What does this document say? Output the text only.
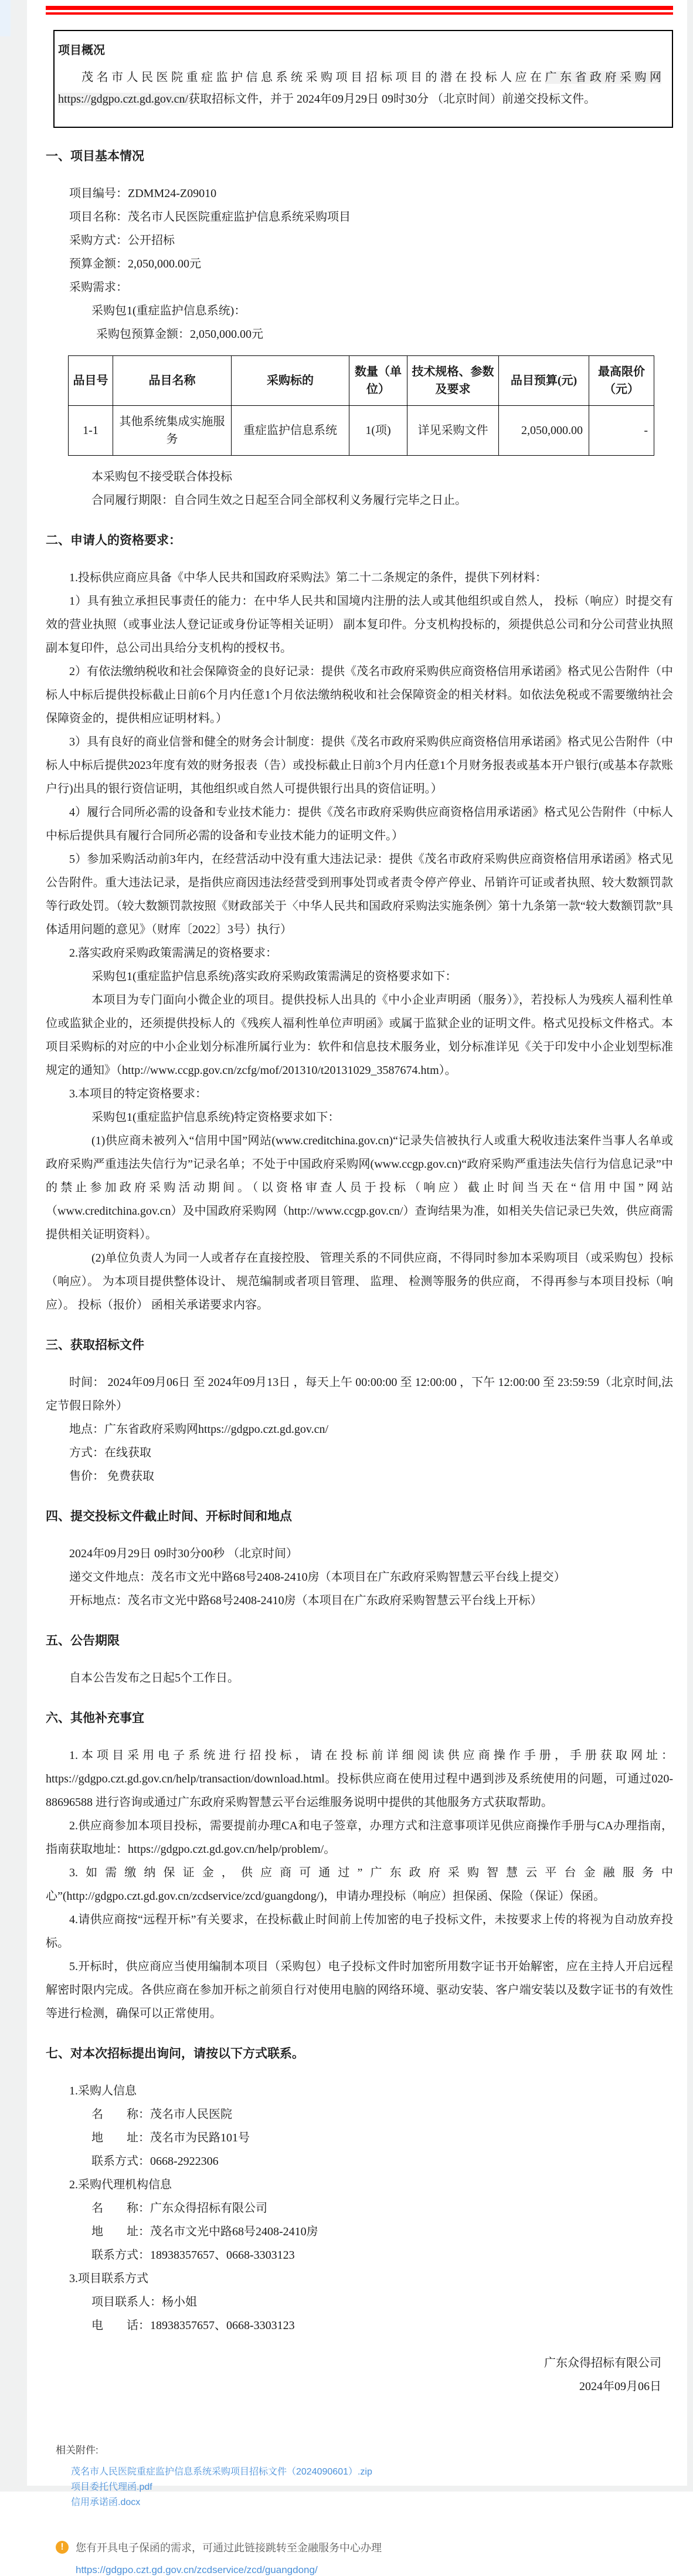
项目概况

茂名市人民医院重症监护信息系统采购项目招标项目的潜在投标人应在广东省政府采购网https://gdgpo.czt.gd.gov.cn/获取招标文件，并于 2024年09月29日 09时30分 （北京时间）前递交投标文件。

一、项目基本情况

项目编号：ZDMM24-Z09010

项目名称：茂名市人民医院重症监护信息系统采购项目

采购方式：公开招标

预算金额：2,050,000.00元

采购需求：

采购包1(重症监护信息系统)：

采购包预算金额：2,050,000.00元

品目号	品目名称	采购标的	数量（单位）	技术规格、参数及要求	品目预算(元)	最高限价（元）
1-1	其他系统集成实施服务	重症监护信息系统	1(项)	详见采购文件	2,050,000.00	-

本采购包不接受联合体投标

合同履行期限：自合同生效之日起至合同全部权利义务履行完毕之日止。

二、申请人的资格要求：

1.投标供应商应具备《中华人民共和国政府采购法》第二十二条规定的条件，提供下列材料：

1）具有独立承担民事责任的能力：在中华人民共和国境内注册的法人或其他组织或自然人， 投标（响应）时提交有效的营业执照（或事业法人登记证或身份证等相关证明） 副本复印件。分支机构投标的，须提供总公司和分公司营业执照副本复印件，总公司出具给分支机构的授权书。

2）有依法缴纳税收和社会保障资金的良好记录：提供《茂名市政府采购供应商资格信用承诺函》格式见公告附件（中标人中标后提供投标截止日前6个月内任意1个月依法缴纳税收和社会保障资金的相关材料。如依法免税或不需要缴纳社会保障资金的，提供相应证明材料。）

3）具有良好的商业信誉和健全的财务会计制度：提供《茂名市政府采购供应商资格信用承诺函》格式见公告附件（中标人中标后提供2023年度有效的财务报表（告）或投标截止日前3个月内任意1个月财务报表或基本开户银行(或基本存款账户行)出具的银行资信证明，其他组织或自然人可提供银行出具的资信证明。）

4）履行合同所必需的设备和专业技术能力：提供《茂名市政府采购供应商资格信用承诺函》格式见公告附件（中标人中标后提供具有履行合同所必需的设备和专业技术能力的证明文件。）

5）参加采购活动前3年内，在经营活动中没有重大违法记录：提供《茂名市政府采购供应商资格信用承诺函》格式见公告附件。重大违法记录，是指供应商因违法经营受到刑事处罚或者责令停产停业、吊销许可证或者执照、较大数额罚款等行政处罚。（较大数额罚款按照《财政部关于〈中华人民共和国政府采购法实施条例〉第十九条第一款“较大数额罚款”具体适用问题的意见》（财库〔2022〕3号）执行）

2.落实政府采购政策需满足的资格要求：

采购包1(重症监护信息系统)落实政府采购政策需满足的资格要求如下：

本项目为专门面向小微企业的项目。提供投标人出具的《中小企业声明函（服务）》，若投标人为残疾人福利性单位或监狱企业的，还须提供投标人的《残疾人福利性单位声明函》或属于监狱企业的证明文件。格式见投标文件格式。本项目采购标的对应的中小企业划分标准所属行业为：软件和信息技术服务业，划分标准详见《关于印发中小企业划型标准规定的通知》（http://www.ccgp.gov.cn/zcfg/mof/201310/t20131029_3587674.htm）。

3.本项目的特定资格要求：

采购包1(重症监护信息系统)特定资格要求如下：

(1)供应商未被列入“信用中国”网站(www.creditchina.gov.cn)“记录失信被执行人或重大税收违法案件当事人名单或政府采购严重违法失信行为”记录名单；不处于中国政府采购网(www.ccgp.gov.cn)“政府采购严重违法失信行为信息记录”中的禁止参加政府采购活动期间。（以资格审查人员于投标（响应）截止时间当天在“信用中国”网站（www.creditchina.gov.cn）及中国政府采购网（http://www.ccgp.gov.cn/）查询结果为准，如相关失信记录已失效，供应商需提供相关证明资料）。

(2)单位负责人为同一人或者存在直接控股、 管理关系的不同供应商，不得同时参加本采购项目（或采购包）投标（响应）。 为本项目提供整体设计、 规范编制或者项目管理、 监理、 检测等服务的供应商， 不得再参与本项目投标（响应）。 投标（报价） 函相关承诺要求内容。

三、获取招标文件

时间： 2024年09月06日 至 2024年09月13日 ，每天上午 00:00:00 至 12:00:00 ，下午 12:00:00 至 23:59:59（北京时间,法定节假日除外）

地点：广东省政府采购网https://gdgpo.czt.gd.gov.cn/

方式：在线获取

售价： 免费获取

四、提交投标文件截止时间、开标时间和地点

2024年09月29日 09时30分00秒 （北京时间）

递交文件地点：茂名市文光中路68号2408-2410房（本项目在广东政府采购智慧云平台线上提交）

开标地点：茂名市文光中路68号2408-2410房（本项目在广东政府采购智慧云平台线上开标）

五、公告期限

自本公告发布之日起5个工作日。

六、其他补充事宜

1.本项目采用电子系统进行招投标，请在投标前详细阅读供应商操作手册，手册获取网址：https://gdgpo.czt.gd.gov.cn/help/transaction/download.html。投标供应商在使用过程中遇到涉及系统使用的问题，可通过020-88696588 进行咨询或通过广东政府采购智慧云平台运维服务说明中提供的其他服务方式获取帮助。

2.供应商参加本项目投标，需要提前办理CA和电子签章，办理方式和注意事项详见供应商操作手册与CA办理指南，指南获取地址：https://gdgpo.czt.gd.gov.cn/help/problem/。

3.如需缴纳保证金，供应商可通过”广东政府采购智慧云平台金融服务中心”(http://gdgpo.czt.gd.gov.cn/zcdservice/zcd/guangdong/)，申请办理投标（响应）担保函、保险（保证）保函。

4.请供应商按“远程开标”有关要求，在投标截止时间前上传加密的电子投标文件，未按要求上传的将视为自动放弃投标。

5.开标时，供应商应当使用编制本项目（采购包）电子投标文件时加密所用数字证书开始解密，应在主持人开启远程解密时限内完成。各供应商在参加开标之前须自行对使用电脑的网络环境、驱动安装、客户端安装以及数字证书的有效性等进行检测，确保可以正常使用。

七、对本次招标提出询问，请按以下方式联系。

1.采购人信息

名　　称：茂名市人民医院

地　　址：茂名市为民路101号

联系方式：0668-2922306

2.采购代理机构信息

名　　称：广东众得招标有限公司

地　　址：茂名市文光中路68号2408-2410房

联系方式：18938357657、0668-3303123

3.项目联系方式

项目联系人：杨小姐

电　　话：18938357657、0668-3303123

广东众得招标有限公司

2024年09月06日

相关附件:
茂名市人民医院重症监护信息系统采购项目招标文件（2024090601）.zip
项目委托代理函.pdf
信用承诺函.docx
!	您有开具电子保函的需求，可通过此链接跳转至金融服务中心办理
https://gdgpo.czt.gd.gov.cn/zcdservice/zcd/guangdong/
